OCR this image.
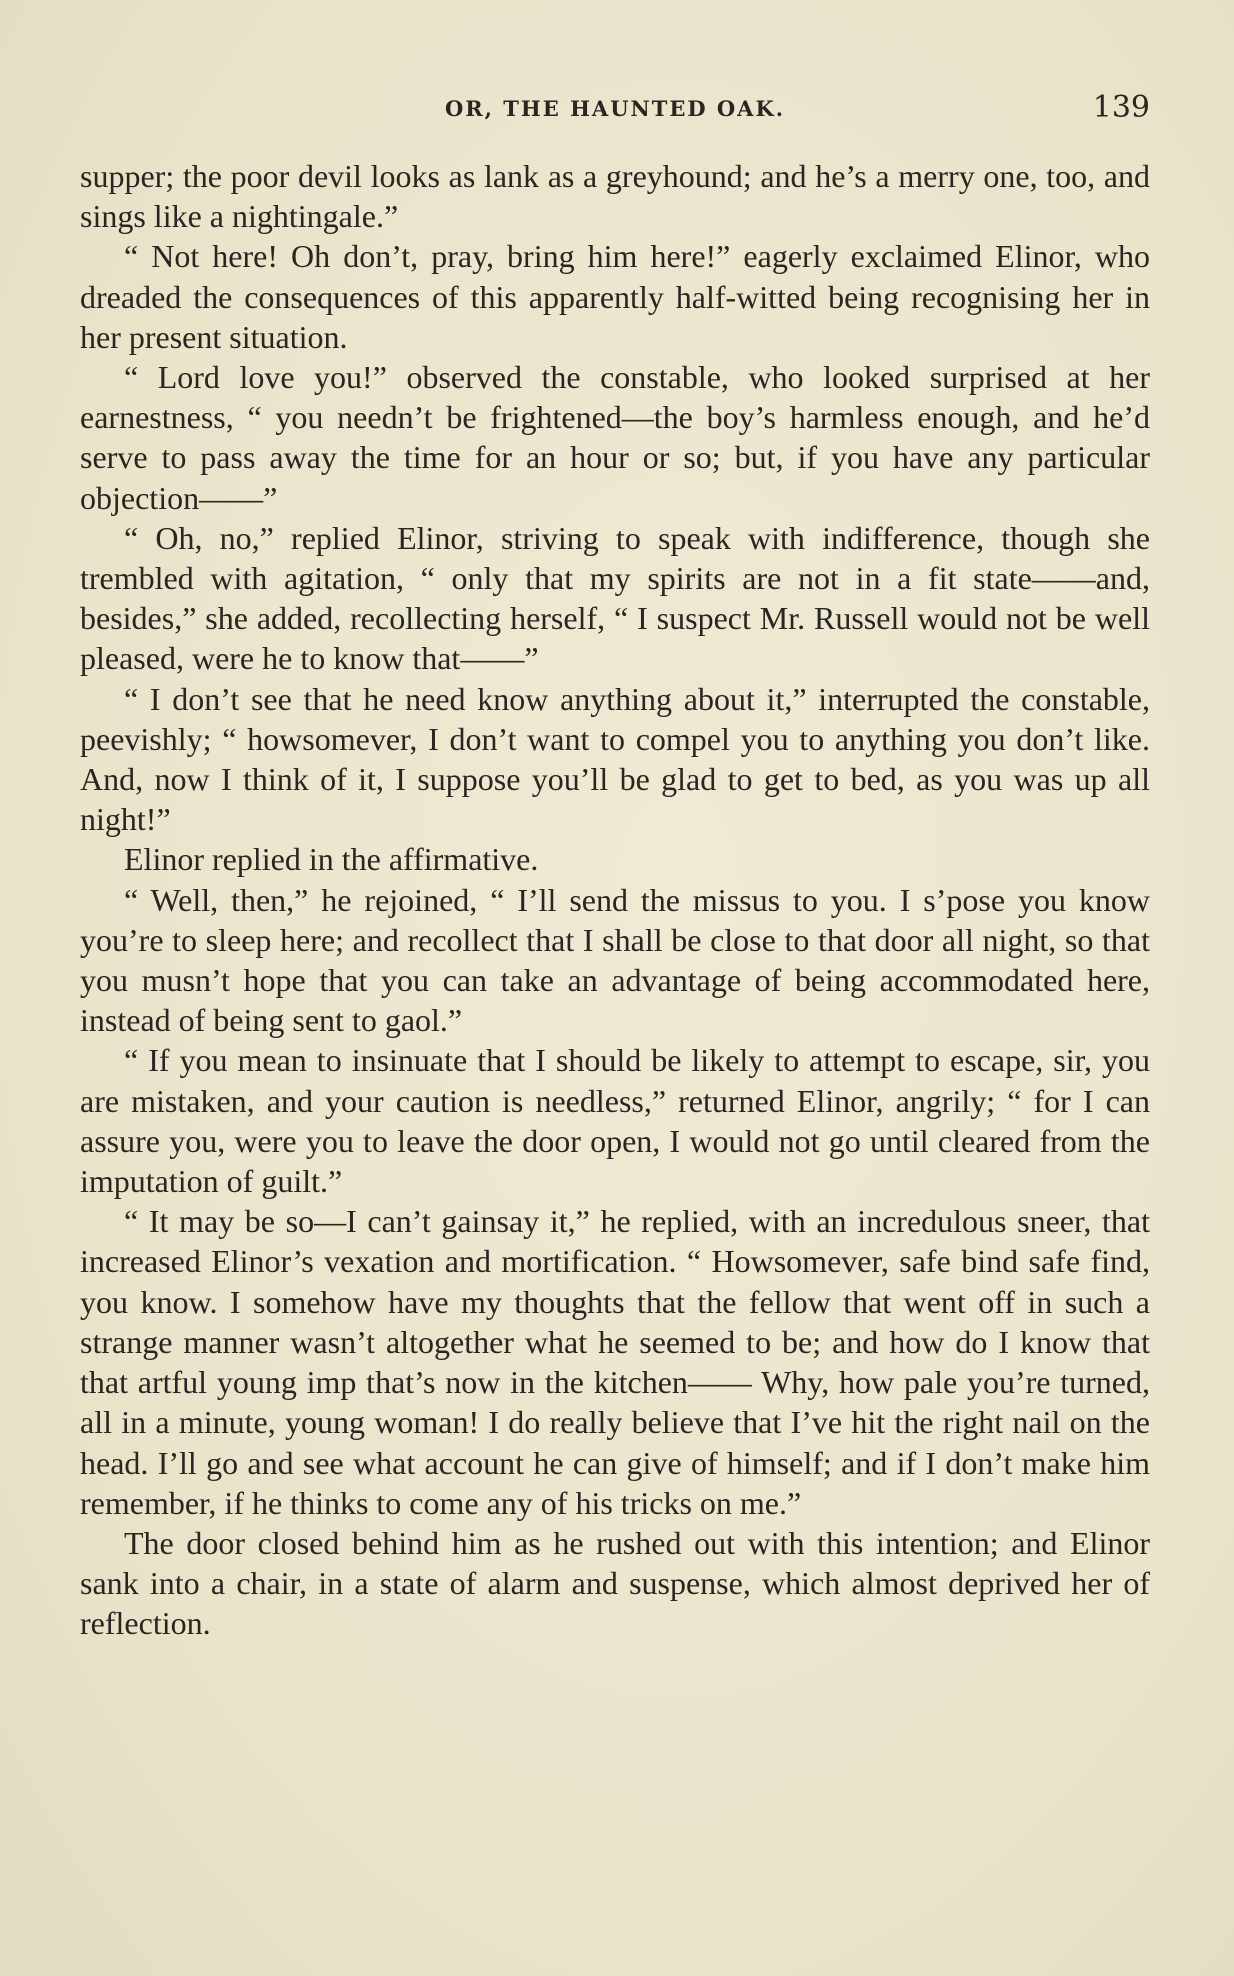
OR, THE HAUNTED OAK.	139

supper; the poor devil looks as lank as a greyhound; and he’s a merry one, too, and sings like a nightingale.”

“ Not here! Oh don’t, pray, bring him here!” eagerly exclaimed Elinor, who dreaded the consequences of this apparently half-witted being recognising her in her present situation.

“ Lord love you!” observed the constable, who looked surprised at her earnestness, “ you needn’t be frightened—the boy’s harmless enough, and he’d serve to pass away the time for an hour or so; but, if you have any particular objection——”

“ Oh, no,” replied Elinor, striving to speak with indifference, though she trembled with agitation, “ only that my spirits are not in a fit state——and, besides,” she added, recollecting herself, “ I suspect Mr. Russell would not be well pleased, were he to know that——”

“ I don’t see that he need know anything about it,” interrupted the constable, peevishly; “ howsomever, I don’t want to compel you to anything you don’t like. And, now I think of it, I suppose you’ll be glad to get to bed, as you was up all night!”

Elinor replied in the affirmative.

“ Well, then,” he rejoined, “ I’ll send the missus to you. I s’pose you know you’re to sleep here; and recollect that I shall be close to that door all night, so that you musn’t hope that you can take an advantage of being accommodated here, instead of being sent to gaol.”

“ If you mean to insinuate that I should be likely to attempt to escape, sir, you are mistaken, and your caution is needless,” returned Elinor, angrily; “ for I can assure you, were you to leave the door open, I would not go until cleared from the imputation of guilt.”

“ It may be so—I can’t gainsay it,” he replied, with an incredulous sneer, that increased Elinor’s vexation and mortification. “ Howsomever, safe bind safe find, you know. I somehow have my thoughts that the fellow that went off in such a strange manner wasn’t altogether what he seemed to be; and how do I know that that artful young imp that’s now in the kitchen—— Why, how pale you’re turned, all in a minute, young woman! I do really believe that I’ve hit the right nail on the head. I’ll go and see what account he can give of himself; and if I don’t make him remember, if he thinks to come any of his tricks on me.”

The door closed behind him as he rushed out with this intention; and Elinor sank into a chair, in a state of alarm and suspense, which almost deprived her of reflection.
